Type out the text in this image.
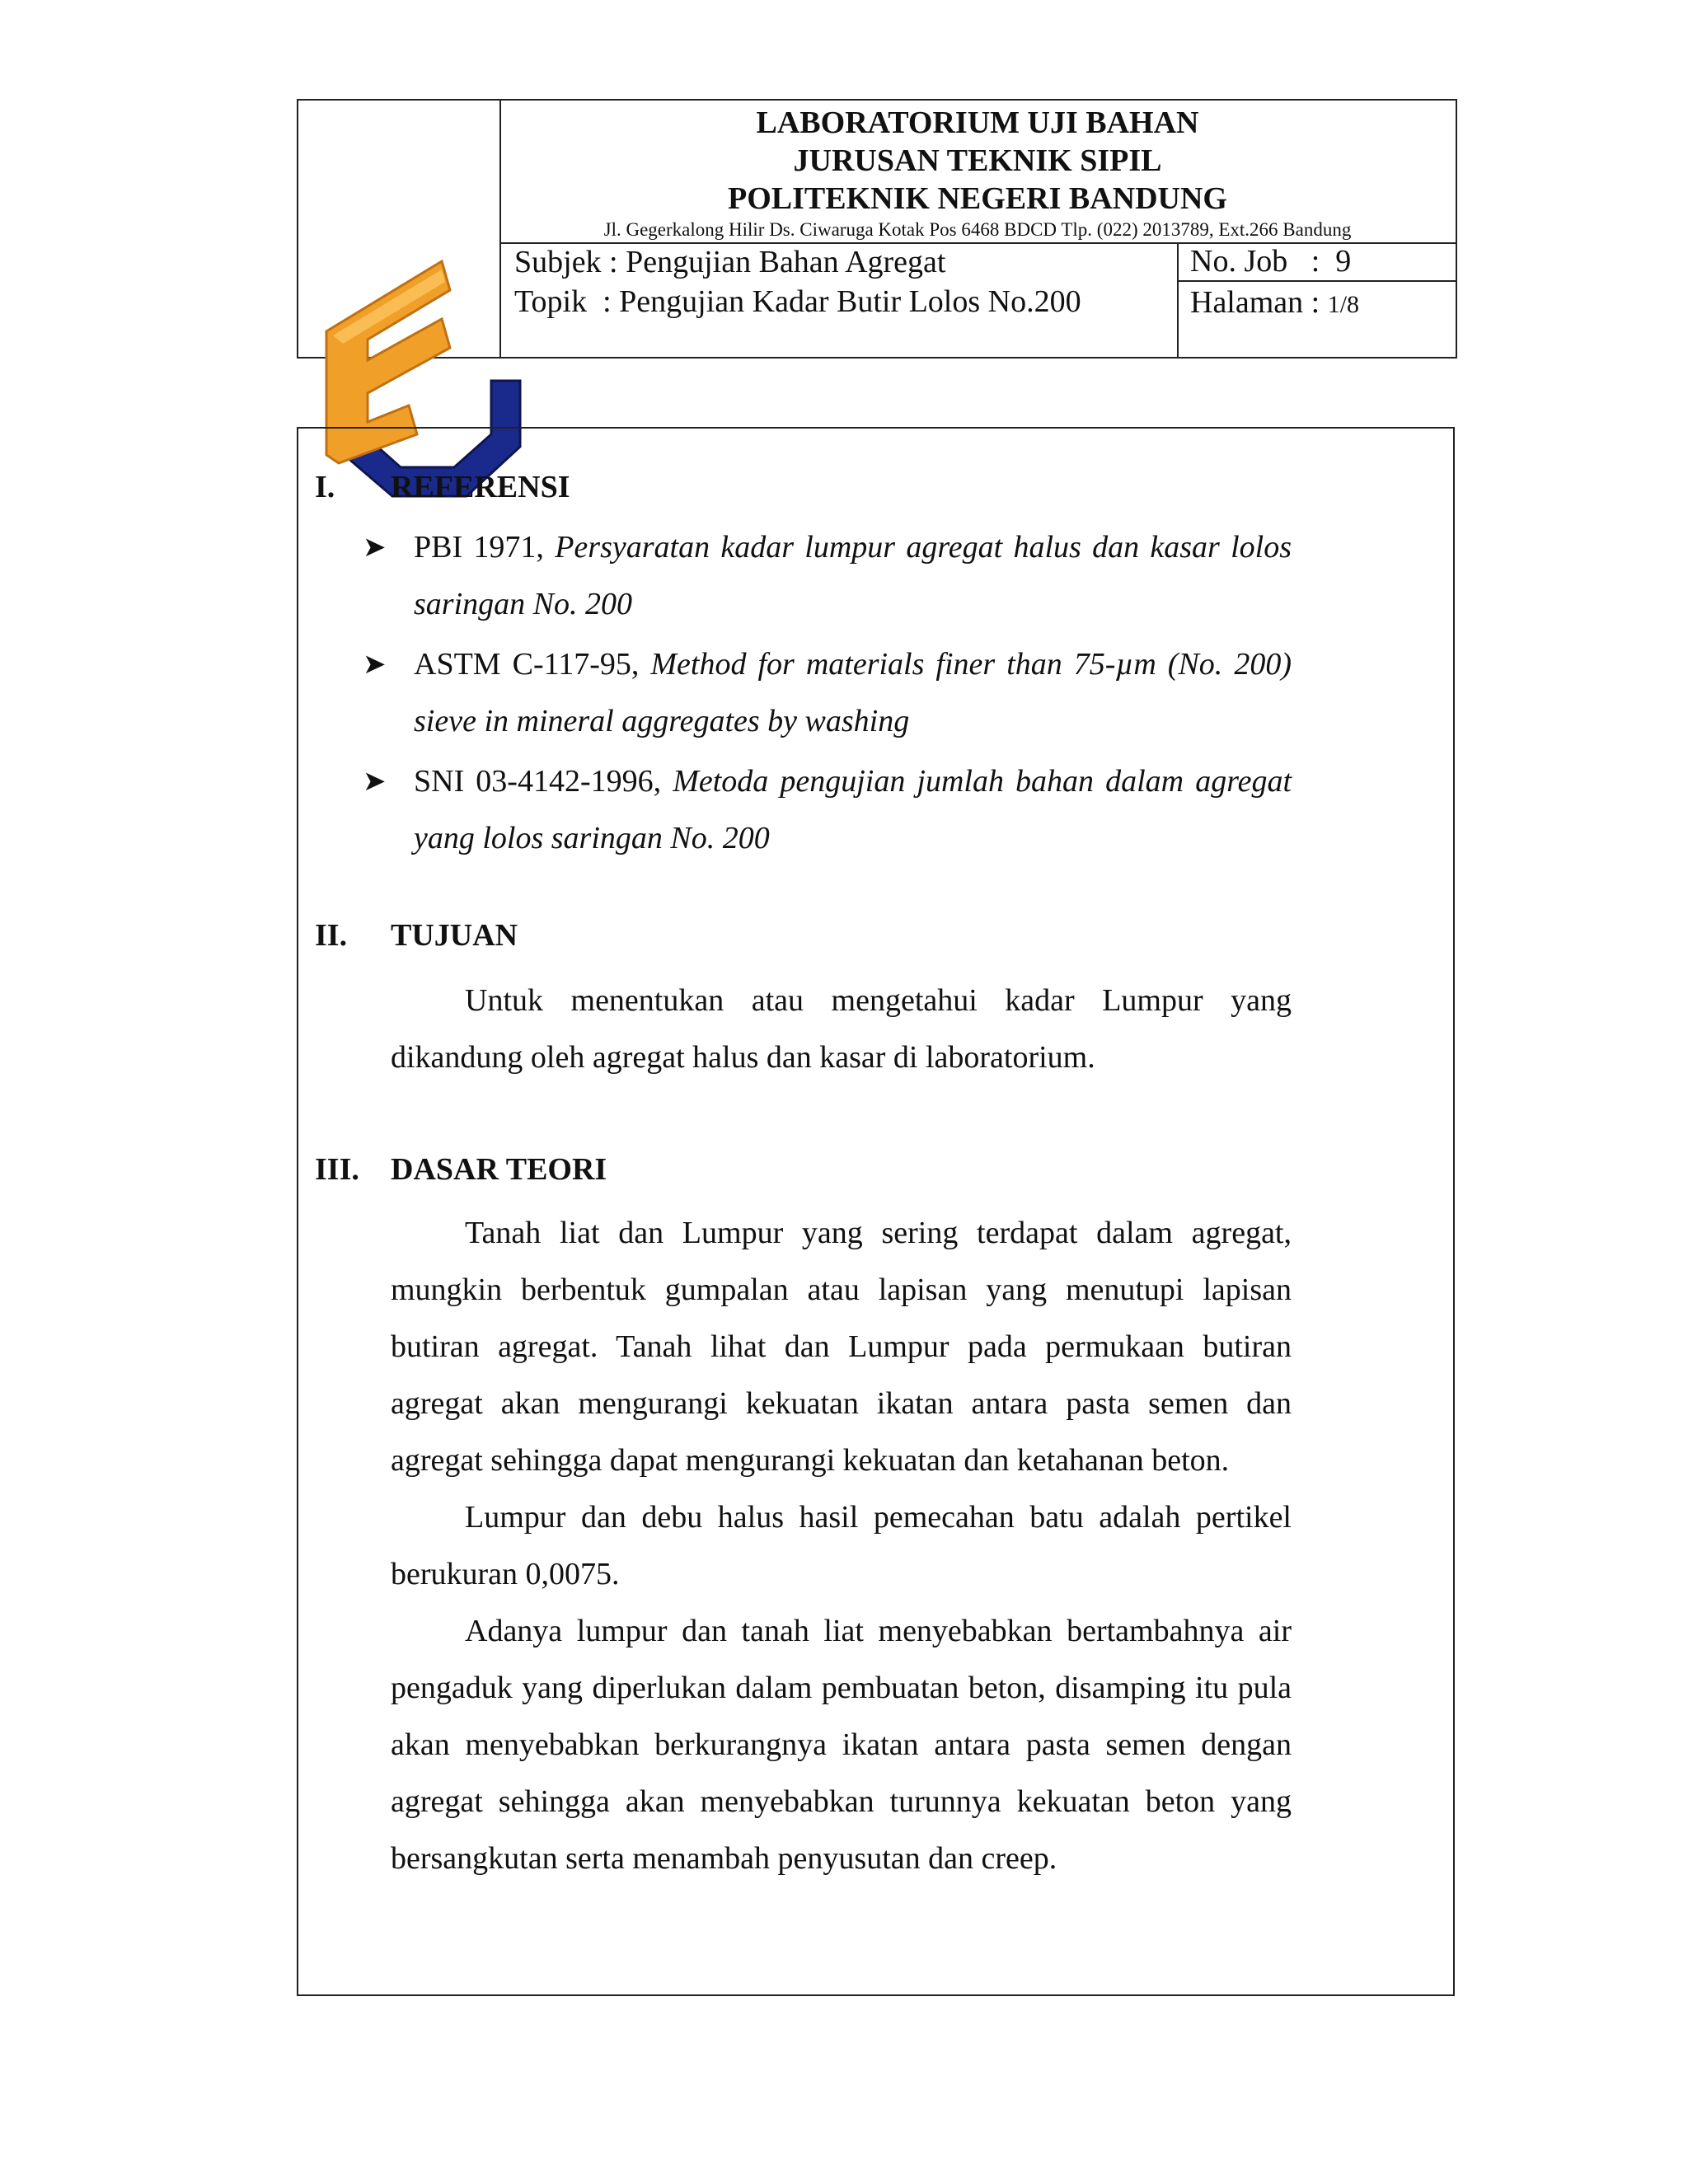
LABORATORIUM UJI BAHAN
JURUSAN TEKNIK SIPIL
POLITEKNIK NEGERI BANDUNG
Jl. Gegerkalong Hilir Ds. Ciwaruga Kotak Pos 6468 BDCD Tlp. (022) 2013789, Ext.266 Bandung
Subjek : Pengujian Bahan Agregat
Topik  : Pengujian Kadar Butir Lolos No.200
No. Job   :  9
Halaman : 1/8
I. REFERENSI
➤ PBI 1971, Persyaratan kadar lumpur agregat halus dan kasar lolos saringan No. 200
➤ ASTM C-117-95, Method for materials finer than 75-µm (No. 200) sieve in mineral aggregates by washing
➤ SNI 03-4142-1996, Metoda pengujian jumlah bahan dalam agregat yang lolos saringan No. 200
II. TUJUAN
Untuk menentukan atau mengetahui kadar Lumpur yang dikandung oleh agregat halus dan kasar di laboratorium.
III. DASAR TEORI
Tanah liat dan Lumpur yang sering terdapat dalam agregat, mungkin berbentuk gumpalan atau lapisan yang menutupi lapisan butiran agregat. Tanah lihat dan Lumpur pada permukaan butiran agregat akan mengurangi kekuatan ikatan antara pasta semen dan agregat sehingga dapat mengurangi kekuatan dan ketahanan beton.
Lumpur dan debu halus hasil pemecahan batu adalah pertikel berukuran 0,0075.
Adanya lumpur dan tanah liat menyebabkan bertambahnya air pengaduk yang diperlukan dalam pembuatan beton, disamping itu pula akan menyebabkan berkurangnya ikatan antara pasta semen dengan agregat sehingga akan menyebabkan turunnya kekuatan beton yang bersangkutan serta menambah penyusutan dan creep.
